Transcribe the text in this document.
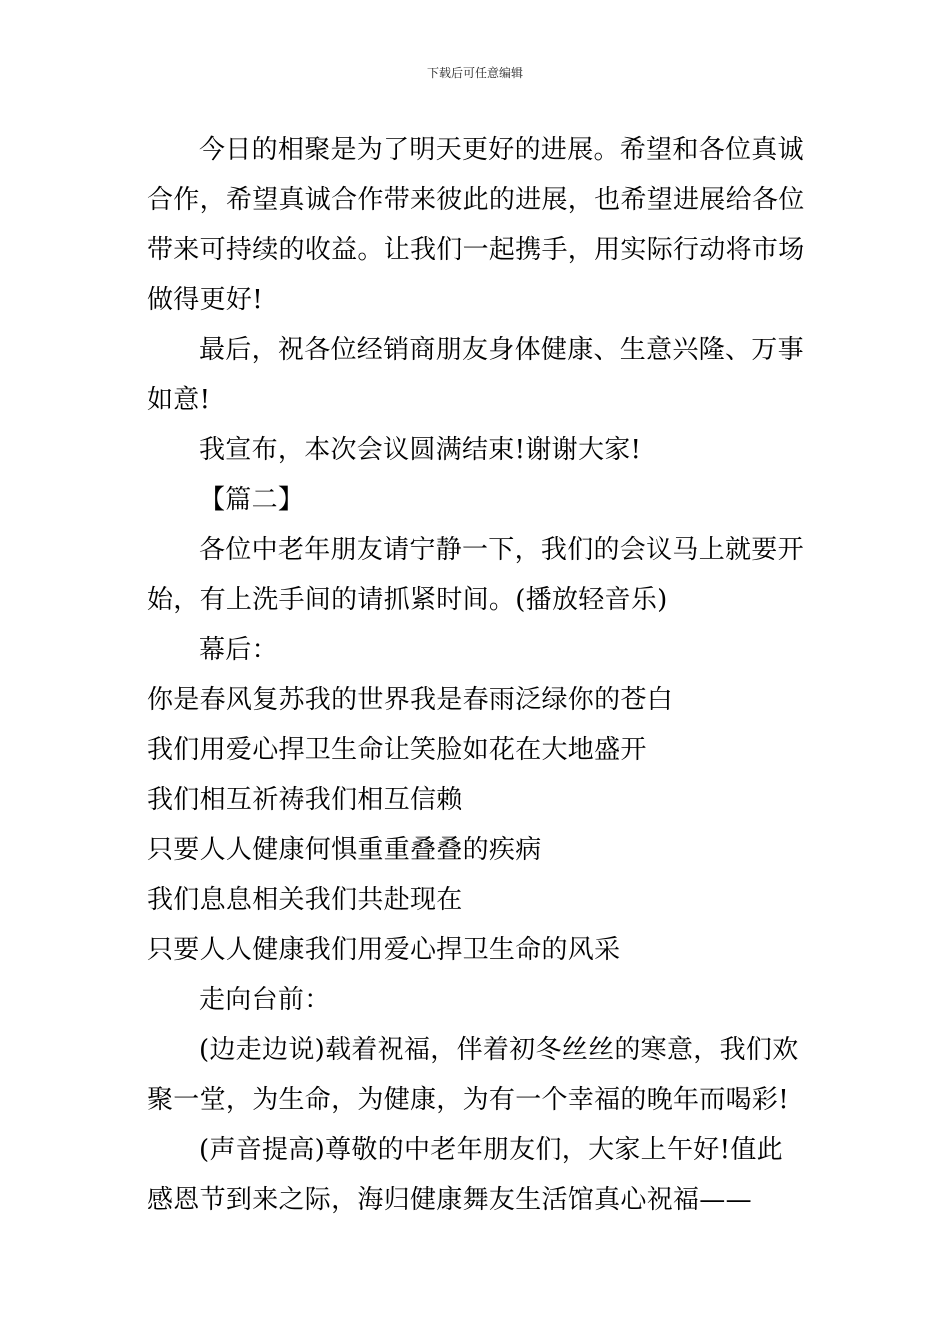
下载后可任意编辑

今日的相聚是为了明天更好的进展。希望和各位真诚合作，希望真诚合作带来彼此的进展，也希望进展给各位带来可持续的收益。让我们一起携手，用实际行动将市场做得更好!

最后，祝各位经销商朋友身体健康、生意兴隆、万事如意!

我宣布，本次会议圆满结束!谢谢大家!

【篇二】

各位中老年朋友请宁静一下，我们的会议马上就要开始，有上洗手间的请抓紧时间。(播放轻音乐)

幕后：

你是春风复苏我的世界我是春雨泛绿你的苍白

我们用爱心捍卫生命让笑脸如花在大地盛开

我们相互祈祷我们相互信赖

只要人人健康何惧重重叠叠的疾病

我们息息相关我们共赴现在

只要人人健康我们用爱心捍卫生命的风采

走向台前：

(边走边说)载着祝福，伴着初冬丝丝的寒意，我们欢聚一堂，为生命，为健康，为有一个幸福的晚年而喝彩!

(声音提高)尊敬的中老年朋友们，大家上午好!值此感恩节到来之际，海归健康舞友生活馆真心祝福——
